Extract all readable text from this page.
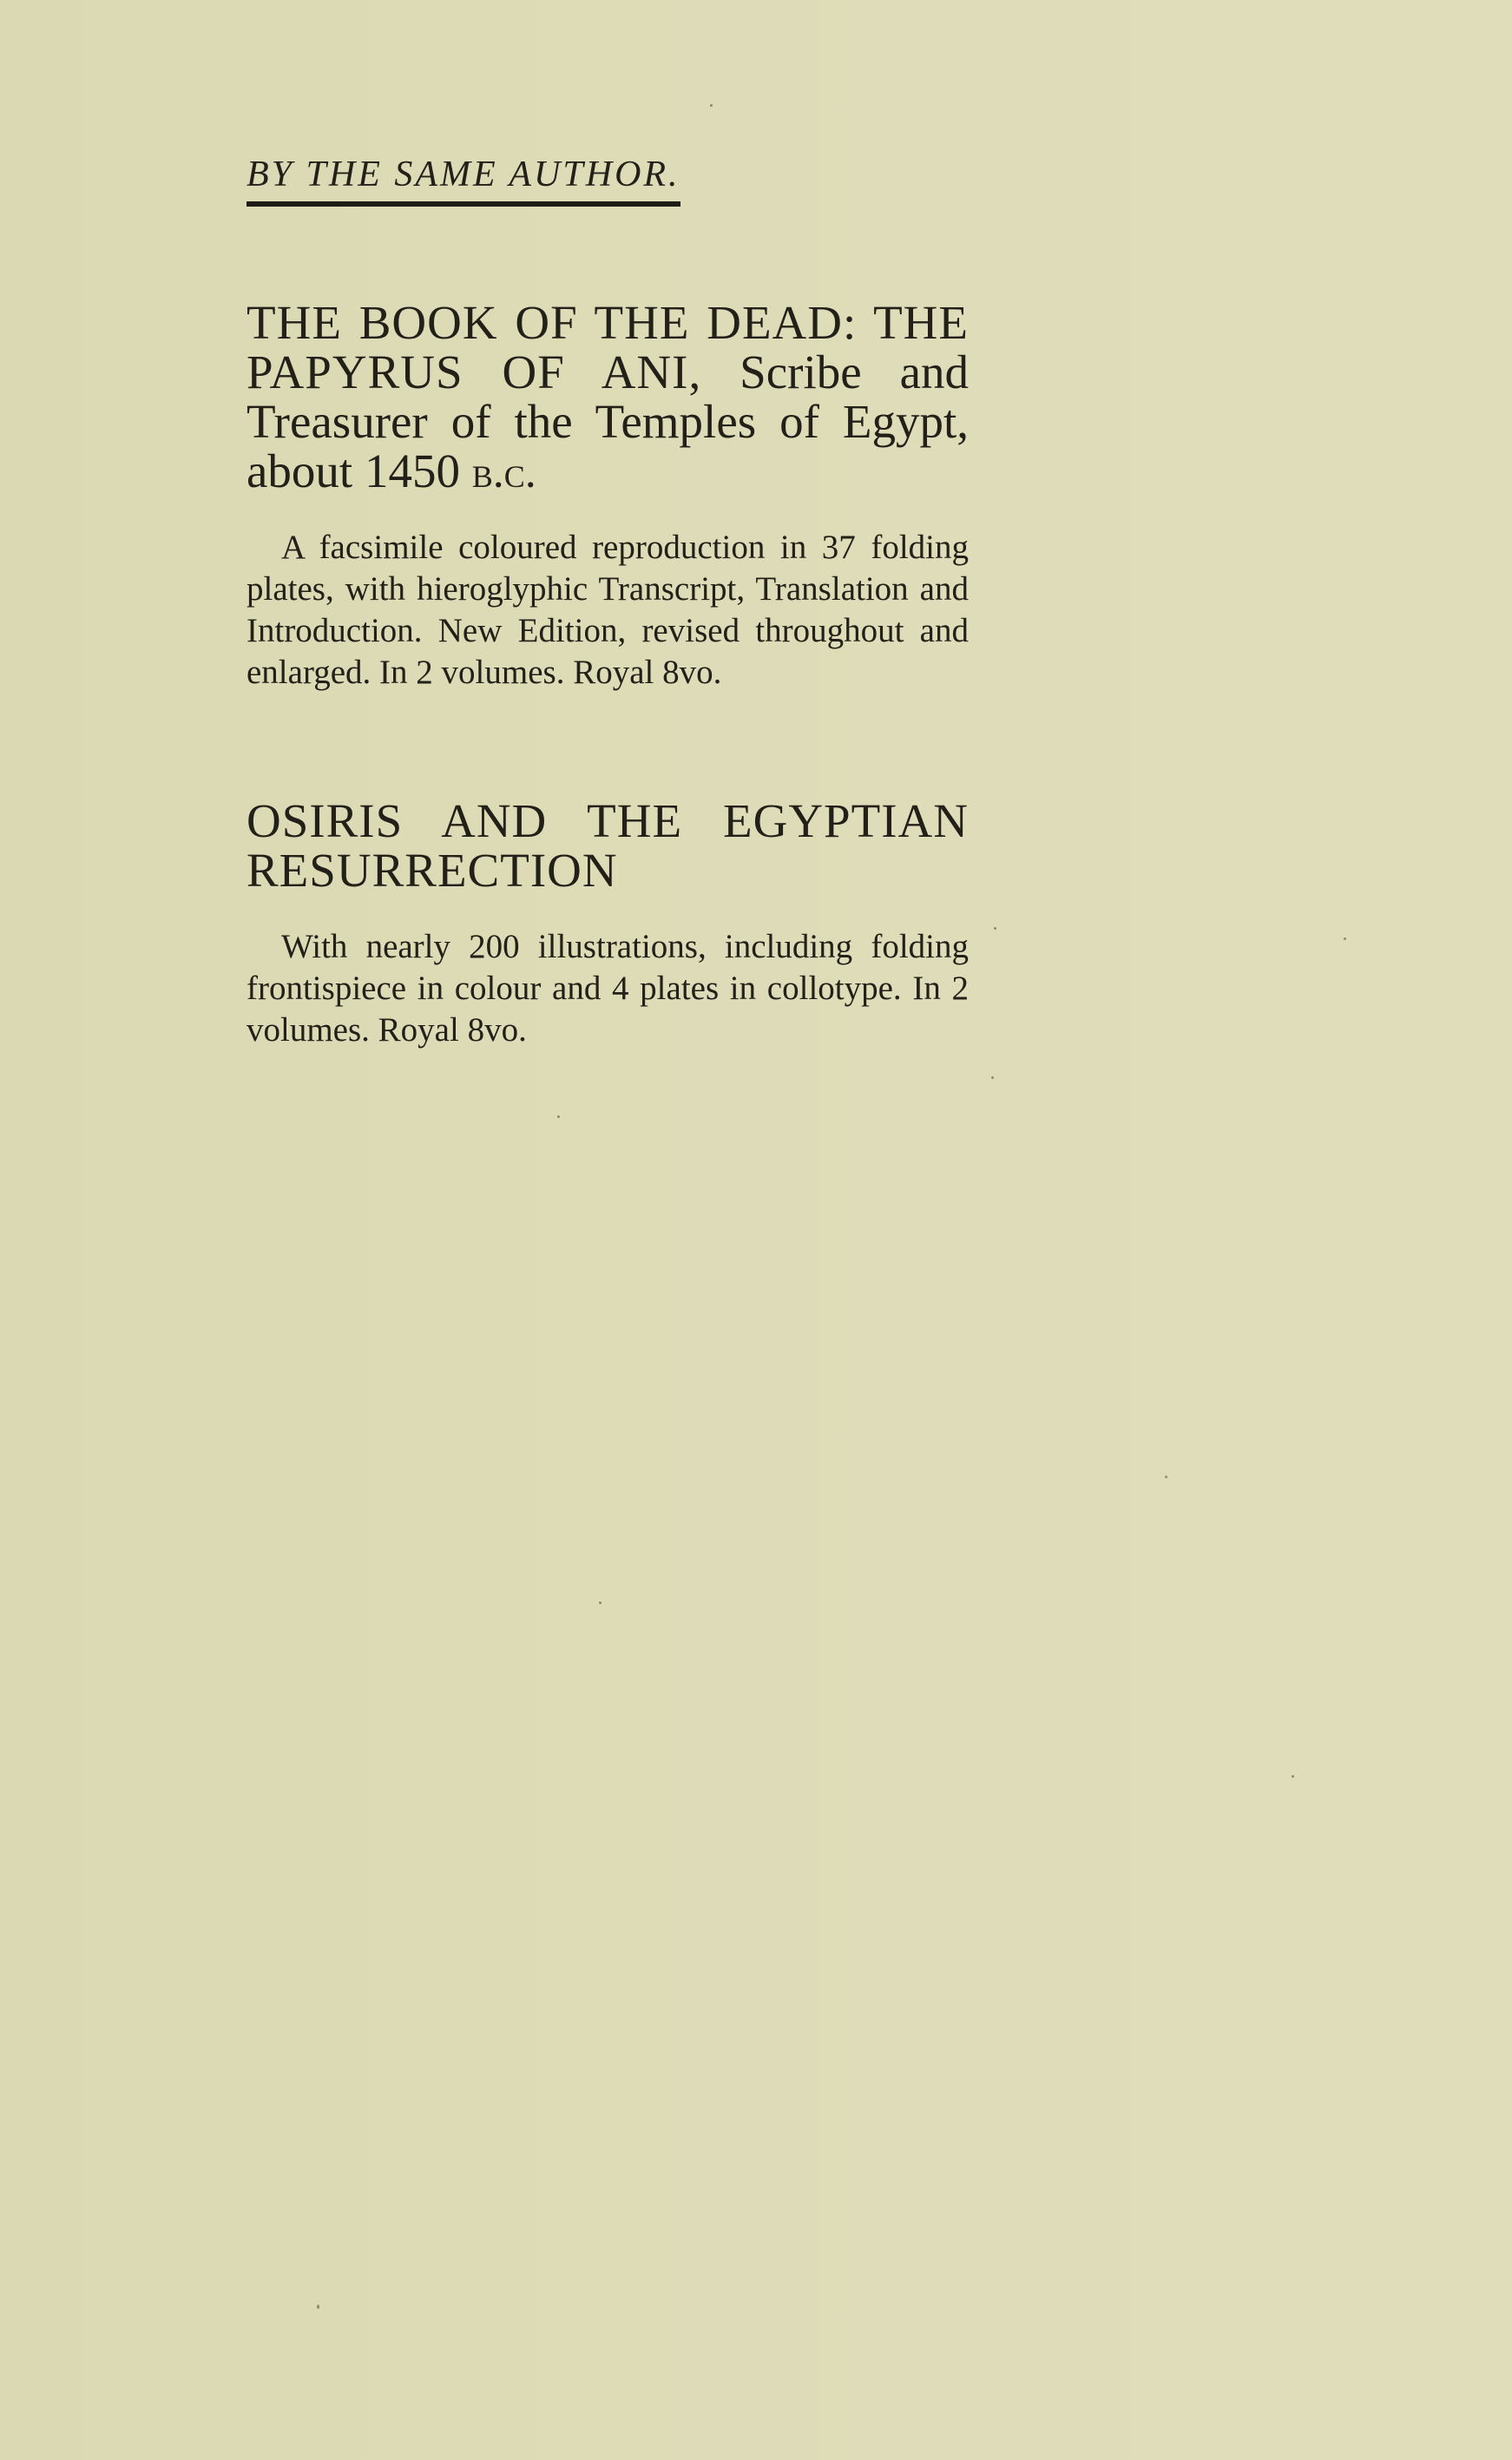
BY THE SAME AUTHOR.

THE BOOK OF THE DEAD: THE PAPYRUS OF ANI, Scribe and Treasurer of the Temples of Egypt, about 1450 b.c.

A facsimile coloured reproduction in 37 folding plates, with hieroglyphic Transcript, Translation and Introduction. New Edition, revised throughout and enlarged. In 2 volumes. Royal 8vo.

OSIRIS AND THE EGYPTIAN RESURRECTION

With nearly 200 illustrations, including folding frontispiece in colour and 4 plates in collotype. In 2 volumes. Royal 8vo.
